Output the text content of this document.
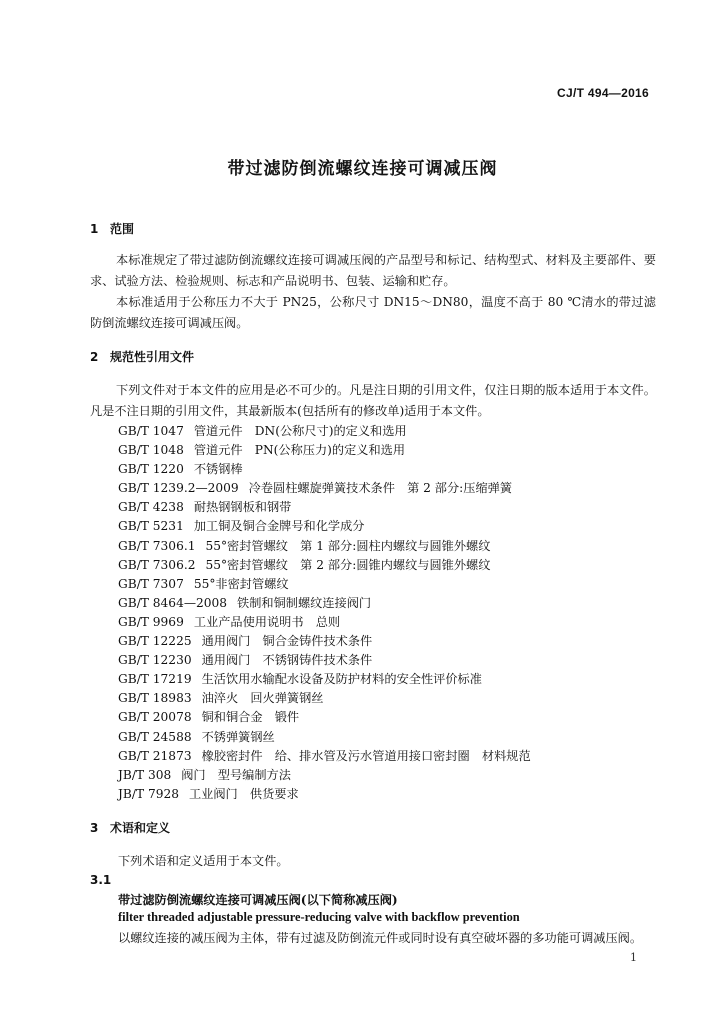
CJ/T 494—2016
带过滤防倒流螺纹连接可调减压阀
1 范围

本标准规定了带过滤防倒流螺纹连接可调减压阀的产品型号和标记、结构型式、材料及主要部件、要求、试验方法、检验规则、标志和产品说明书、包装、运输和贮存。

本标准适用于公称压力不大于 PN25，公称尺寸 DN15～DN80，温度不高于 80 ℃清水的带过滤防倒流螺纹连接可调减压阀。

2 规范性引用文件

下列文件对于本文件的应用是必不可少的。凡是注日期的引用文件，仅注日期的版本适用于本文件。凡是不注日期的引用文件，其最新版本(包括所有的修改单)适用于本文件。

GB/T 1047 管道元件　DN(公称尺寸)的定义和选用
GB/T 1048 管道元件　PN(公称压力)的定义和选用
GB/T 1220 不锈钢棒
GB/T 1239.2—2009 冷卷圆柱螺旋弹簧技术条件　第 2 部分:压缩弹簧
GB/T 4238 耐热钢钢板和钢带
GB/T 5231 加工铜及铜合金牌号和化学成分
GB/T 7306.1 55°密封管螺纹　第 1 部分:圆柱内螺纹与圆锥外螺纹
GB/T 7306.2 55°密封管螺纹　第 2 部分:圆锥内螺纹与圆锥外螺纹
GB/T 7307 55°非密封管螺纹
GB/T 8464—2008 铁制和铜制螺纹连接阀门
GB/T 9969 工业产品使用说明书　总则
GB/T 12225 通用阀门　铜合金铸件技术条件
GB/T 12230 通用阀门　不锈钢铸件技术条件
GB/T 17219 生活饮用水输配水设备及防护材料的安全性评价标准
GB/T 18983 油淬火　回火弹簧钢丝
GB/T 20078 铜和铜合金　锻件
GB/T 24588 不锈弹簧钢丝
GB/T 21873 橡胶密封件　给、排水管及污水管道用接口密封圈　材料规范
JB/T 308 阀门　型号编制方法
JB/T 7928 工业阀门　供货要求
3 术语和定义
下列术语和定义适用于本文件。
3.1
带过滤防倒流螺纹连接可调减压阀(以下简称减压阀)
filter threaded adjustable pressure-reducing valve with backflow prevention
以螺纹连接的减压阀为主体，带有过滤及防倒流元件或同时设有真空破坏器的多功能可调减压阀。
1
